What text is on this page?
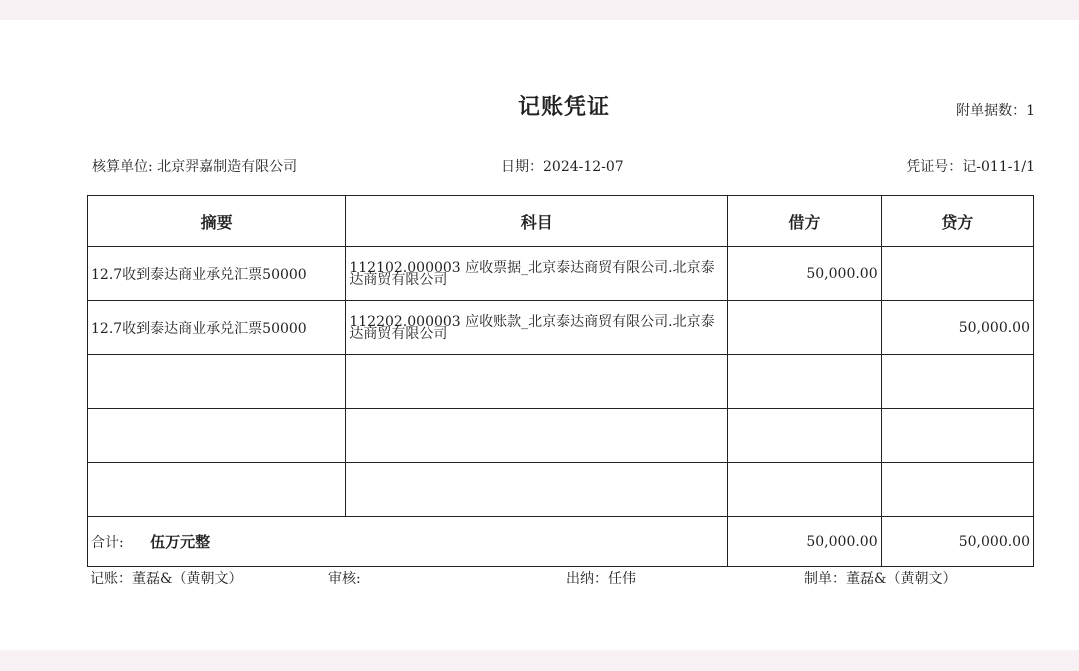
记账凭证	附单据数：1
核算单位: 北京羿嘉制造有限公司	日期：2024-12-07	凭证号：记-011-1/1
摘要	科目	借方	贷方
12.7收到泰达商业承兑汇票50000	112102.000003 应收票据_北京泰达商贸有限公司.北京泰达商贸有限公司	50,000.00	
12.7收到泰达商业承兑汇票50000	112202.000003 应收账款_北京泰达商贸有限公司.北京泰达商贸有限公司		50,000.00

合计: 伍万元整		50,000.00	50,000.00
记账：董磊&（黄朝文）	审核:	出纳：任伟	制单：董磊&（黄朝文）
